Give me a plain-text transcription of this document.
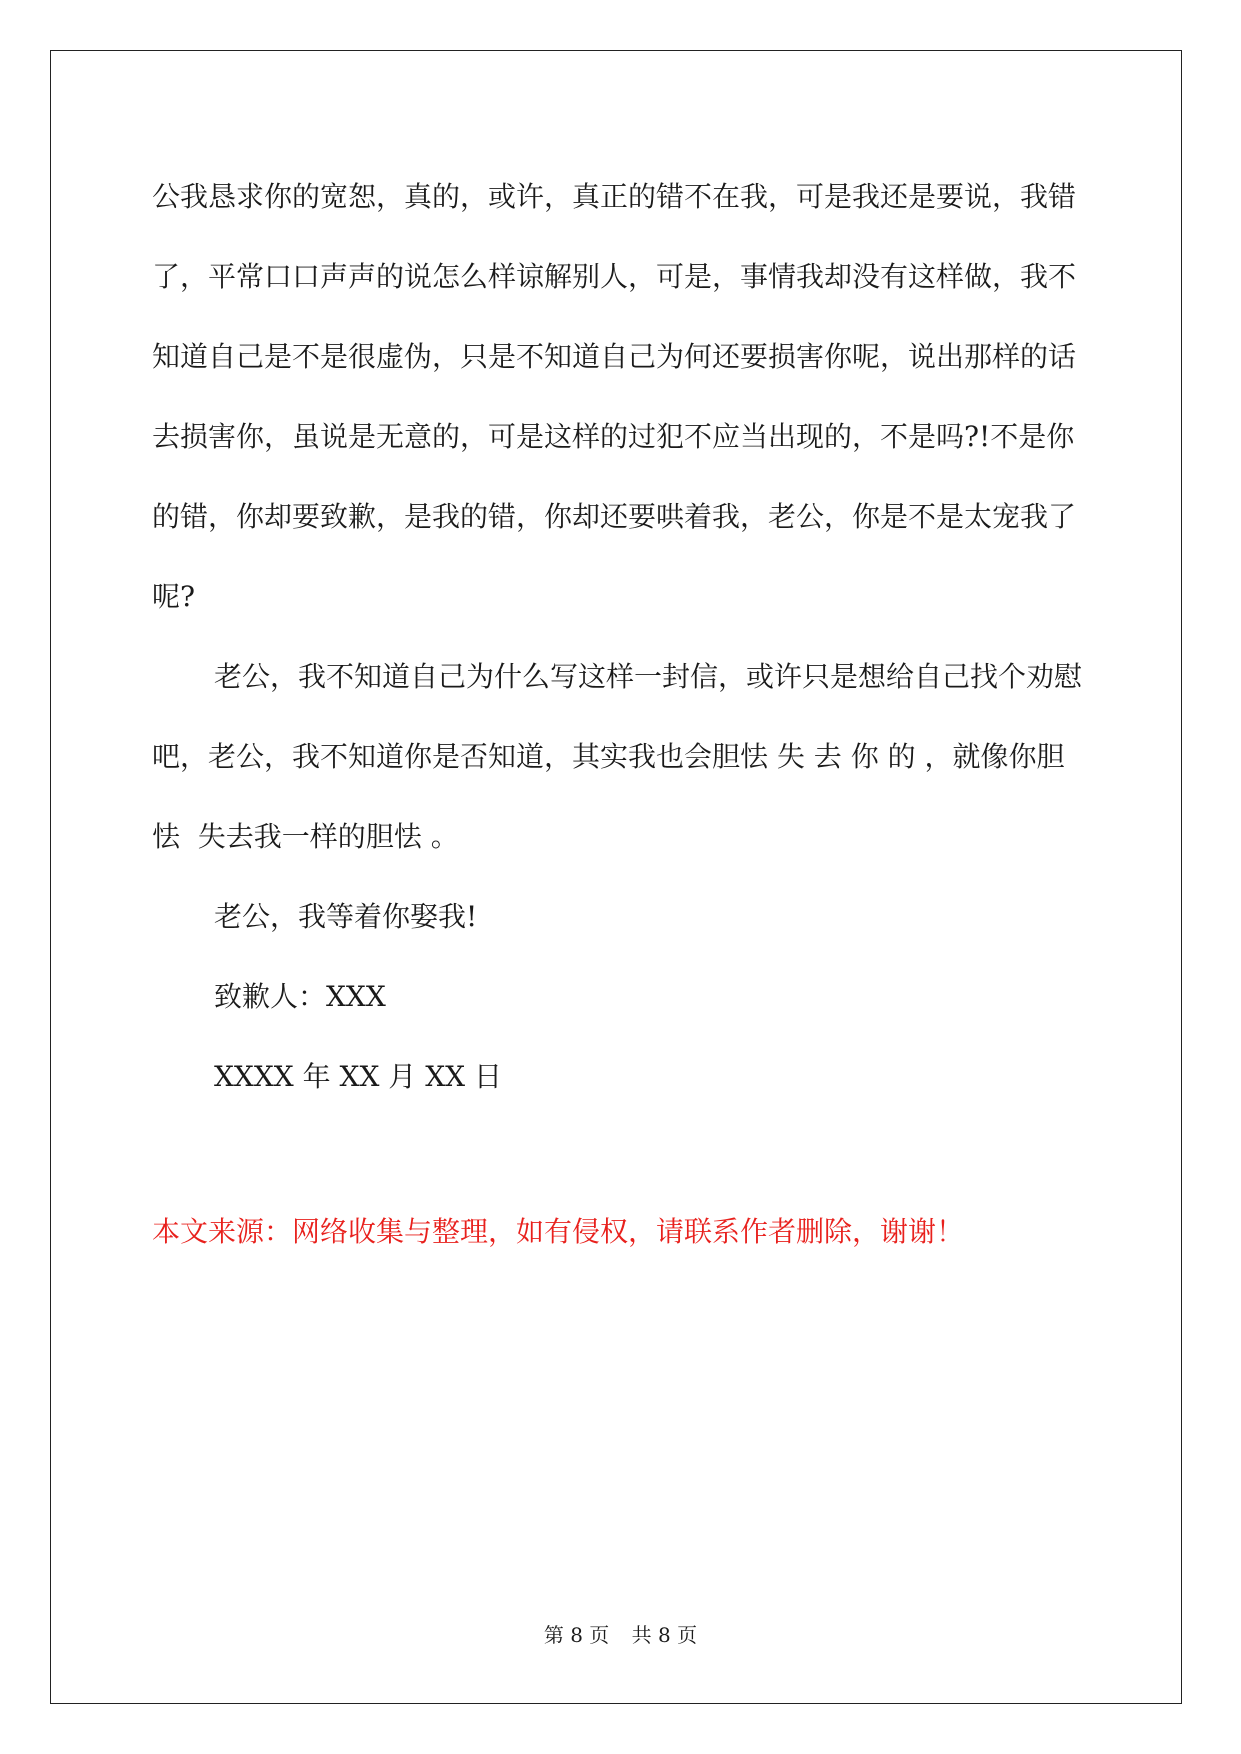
公我恳求你的宽恕，真的，或许，真正的错不在我，可是我还是要说，我错了，平常口口声声的说怎么样谅解别人，可是，事情我却没有这样做，我不知道自己是不是很虚伪，只是不知道自己为何还要损害你呢，说出那样的话去损害你，虽说是无意的，可是这样的过犯不应当出现的，不是吗?!不是你的错，你却要致歉，是我的错，你却还要哄着我，老公，你是不是太宠我了呢?

老公，我不知道自己为什么写这样一封信，或许只是想给自己找个劝慰吧，老公，我不知道你是否知道，其实我也会胆怯 失 去 你 的 ，就像你胆怯  失去我一样的胆怯 。

老公，我等着你娶我!

致歉人：XXX

XXXX 年 XX 月 XX 日

本文来源：网络收集与整理，如有侵权，请联系作者删除，谢谢！
第 8 页 共 8 页
